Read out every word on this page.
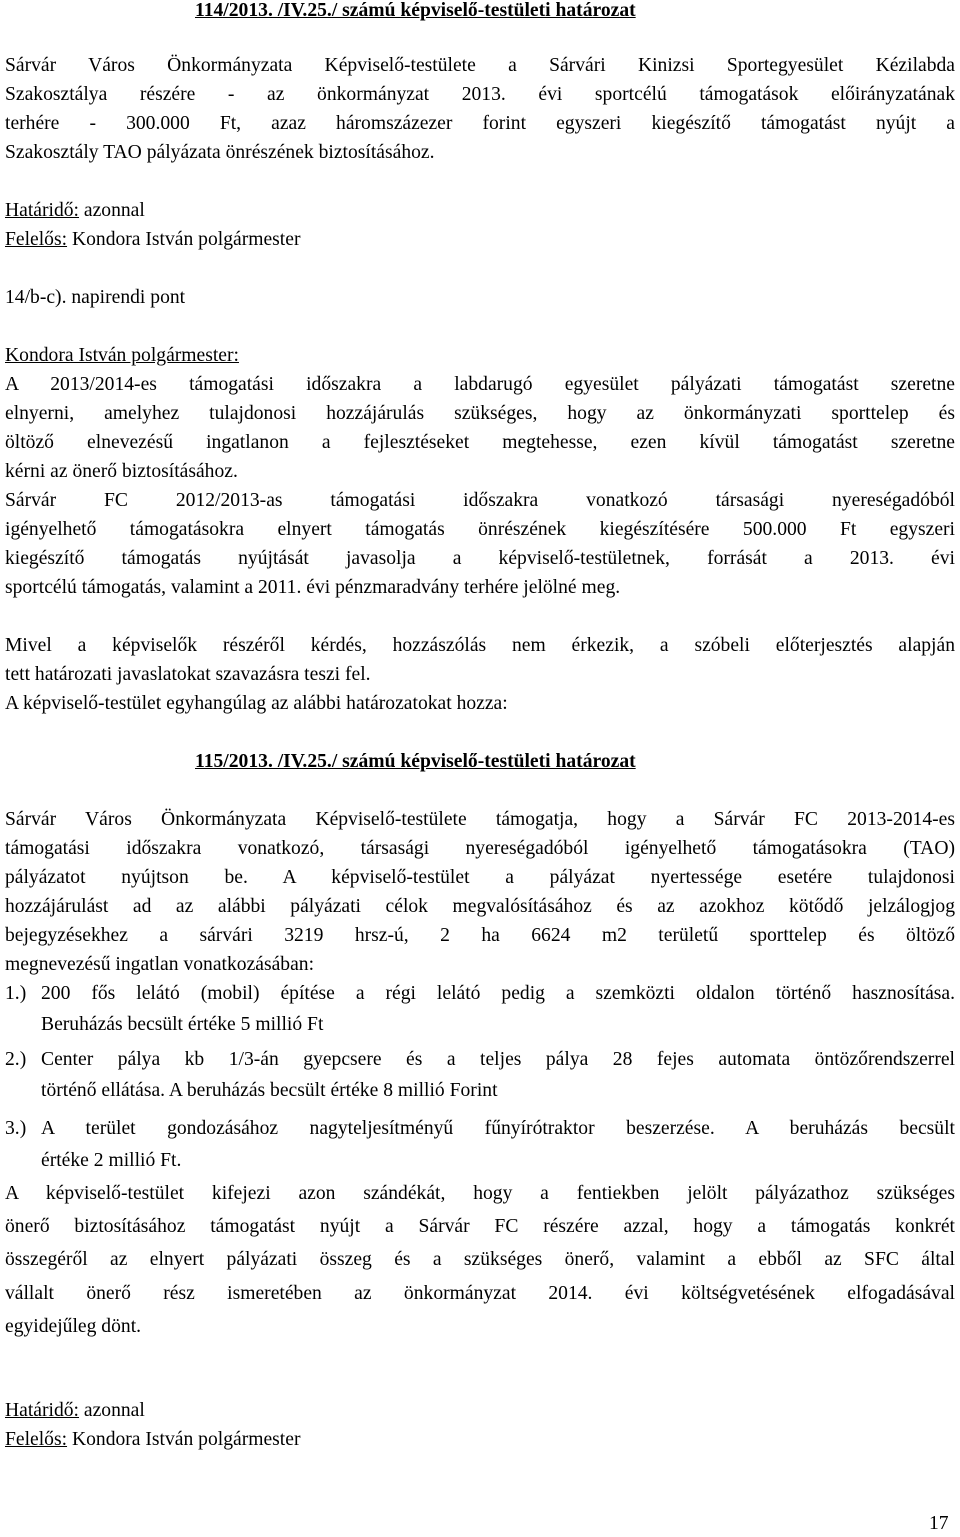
114/2013. /IV.25./ számú képviselő-testületi határozat
Sárvár Város Önkormányzata Képviselő-testülete a Sárvári Kinizsi Sportegyesület Kézilabda
Szakosztálya részére - az önkormányzat 2013. évi sportcélú támogatások előirányzatának
terhére - 300.000 Ft, azaz háromszázezer forint egyszeri kiegészítő támogatást nyújt a
Szakosztály TAO pályázata önrészének biztosításához.
Határidő: azonnal
Felelős: Kondora István polgármester
14/b-c). napirendi pont
Kondora István polgármester:
A 2013/2014-es támogatási időszakra a labdarugó egyesület pályázati támogatást szeretne
elnyerni, amelyhez tulajdonosi hozzájárulás szükséges, hogy az önkormányzati sporttelep és
öltöző elnevezésű ingatlanon a fejlesztéseket megtehesse, ezen kívül támogatást szeretne
kérni az önerő biztosításához.
Sárvár FC 2012/2013-as támogatási időszakra vonatkozó társasági nyereségadóból
igényelhető támogatásokra elnyert támogatás önrészének kiegészítésére 500.000 Ft egyszeri
kiegészítő támogatás nyújtását javasolja a képviselő-testületnek, forrását a 2013. évi
sportcélú támogatás, valamint a 2011. évi pénzmaradvány terhére jelölné meg.
Mivel a képviselők részéről kérdés, hozzászólás nem érkezik, a szóbeli előterjesztés alapján
tett határozati javaslatokat szavazásra teszi fel.
A képviselő-testület egyhangúlag az alábbi határozatokat hozza:
115/2013. /IV.25./ számú képviselő-testületi határozat
Sárvár Város Önkormányzata Képviselő-testülete támogatja, hogy a Sárvár FC 2013-2014-es
támogatási időszakra vonatkozó, társasági nyereségadóból igényelhető támogatásokra (TAO)
pályázatot nyújtson be. A képviselő-testület a pályázat nyertessége esetére tulajdonosi
hozzájárulást ad az alábbi pályázati célok megvalósításához és az azokhoz kötődő jelzálogjog
bejegyzésekhez a sárvári 3219 hrsz-ú, 2 ha 6624 m2 területű sporttelep és öltöző
megnevezésű ingatlan vonatkozásában:
1.) 200 fős lelátó (mobil) építése a régi lelátó pedig a szemközti oldalon történő hasznosítása.
Beruházás becsült értéke 5 millió Ft
2.) Center pálya kb 1/3-án gyepcsere és a teljes pálya 28 fejes automata öntözőrendszerrel
történő ellátása. A beruházás becsült értéke 8 millió Forint
3.) A terület gondozásához nagyteljesítményű fűnyírótraktor beszerzése. A beruházás becsült
értéke 2 millió Ft.
A képviselő-testület kifejezi azon szándékát, hogy a fentiekben jelölt pályázathoz szükséges
önerő biztosításához támogatást nyújt a Sárvár FC részére azzal, hogy a támogatás konkrét
összegéről az elnyert pályázati összeg és a szükséges önerő, valamint a ebből az SFC által
vállalt önerő rész ismeretében az önkormányzat 2014. évi költségvetésének elfogadásával
egyidejűleg dönt.
Határidő: azonnal
Felelős: Kondora István polgármester
17
